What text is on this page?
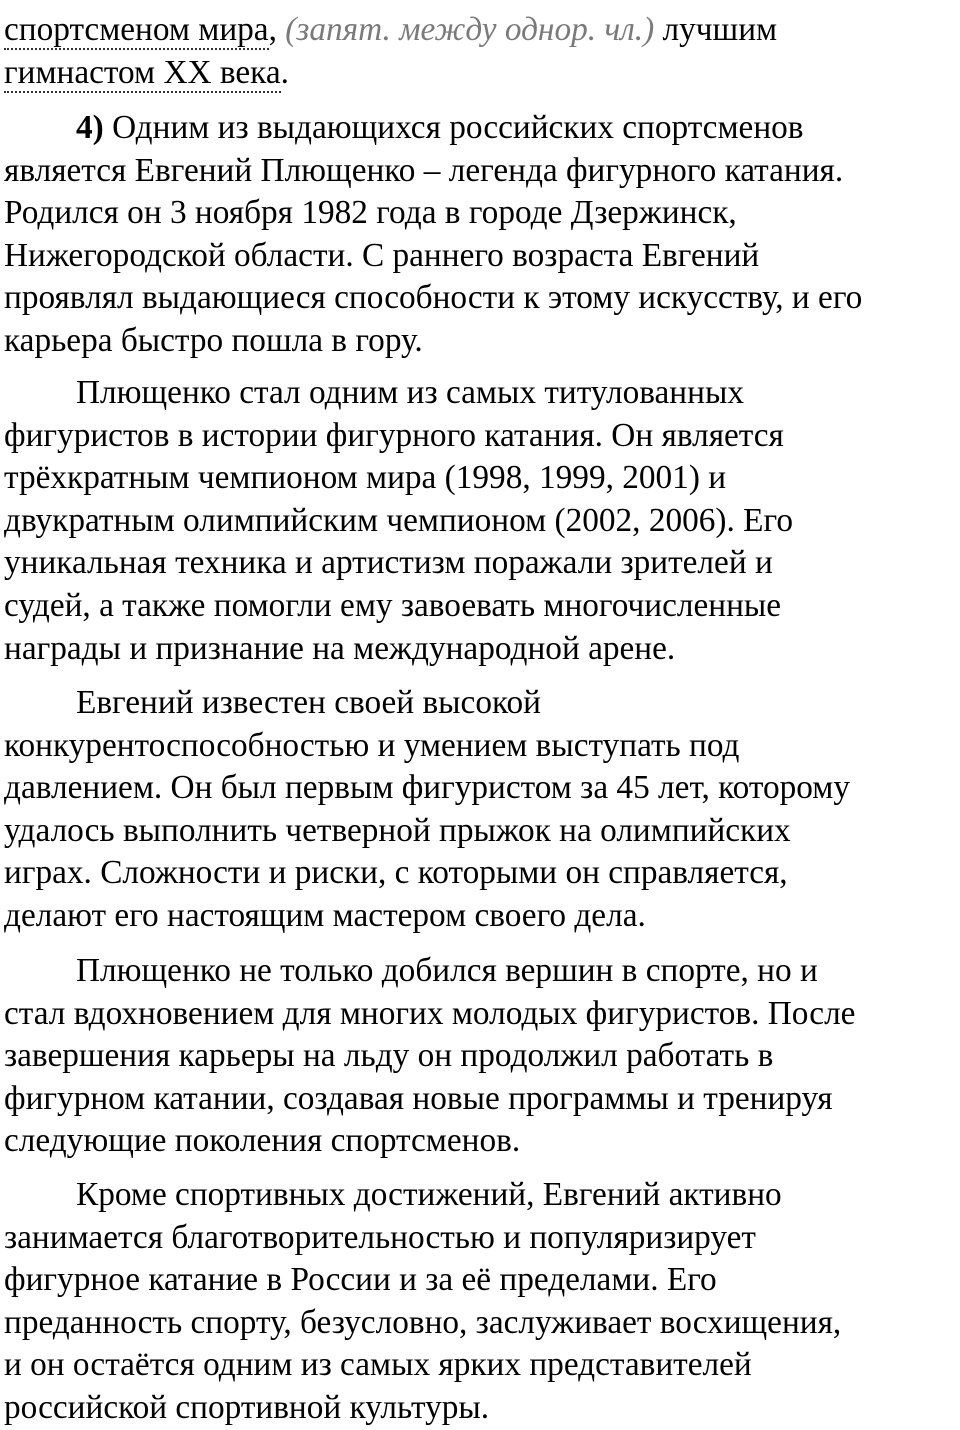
спортсменом мира, (запят. между однор. чл.) лучшим
гимнастом XX века.
4) Одним из выдающихся российских спортсменов
является Евгений Плющенко – легенда фигурного катания.
Родился он 3 ноября 1982 года в городе Дзержинск,
Нижегородской области. С раннего возраста Евгений
проявлял выдающиеся способности к этому искусству, и его
карьера быстро пошла в гору.
Плющенко стал одним из самых титулованных
фигуристов в истории фигурного катания. Он является
трёхкратным чемпионом мира (1998, 1999, 2001) и
двукратным олимпийским чемпионом (2002, 2006). Его
уникальная техника и артистизм поражали зрителей и
судей, а также помогли ему завоевать многочисленные
награды и признание на международной арене.
Евгений известен своей высокой
конкурентоспособностью и умением выступать под
давлением. Он был первым фигуристом за 45 лет, которому
удалось выполнить четверной прыжок на олимпийских
играх. Сложности и риски, с которыми он справляется,
делают его настоящим мастером своего дела.
Плющенко не только добился вершин в спорте, но и
стал вдохновением для многих молодых фигуристов. После
завершения карьеры на льду он продолжил работать в
фигурном катании, создавая новые программы и тренируя
следующие поколения спортсменов.
Кроме спортивных достижений, Евгений активно
занимается благотворительностью и популяризирует
фигурное катание в России и за её пределами. Его
преданность спорту, безусловно, заслуживает восхищения,
и он остаётся одним из самых ярких представителей
российской спортивной культуры.
